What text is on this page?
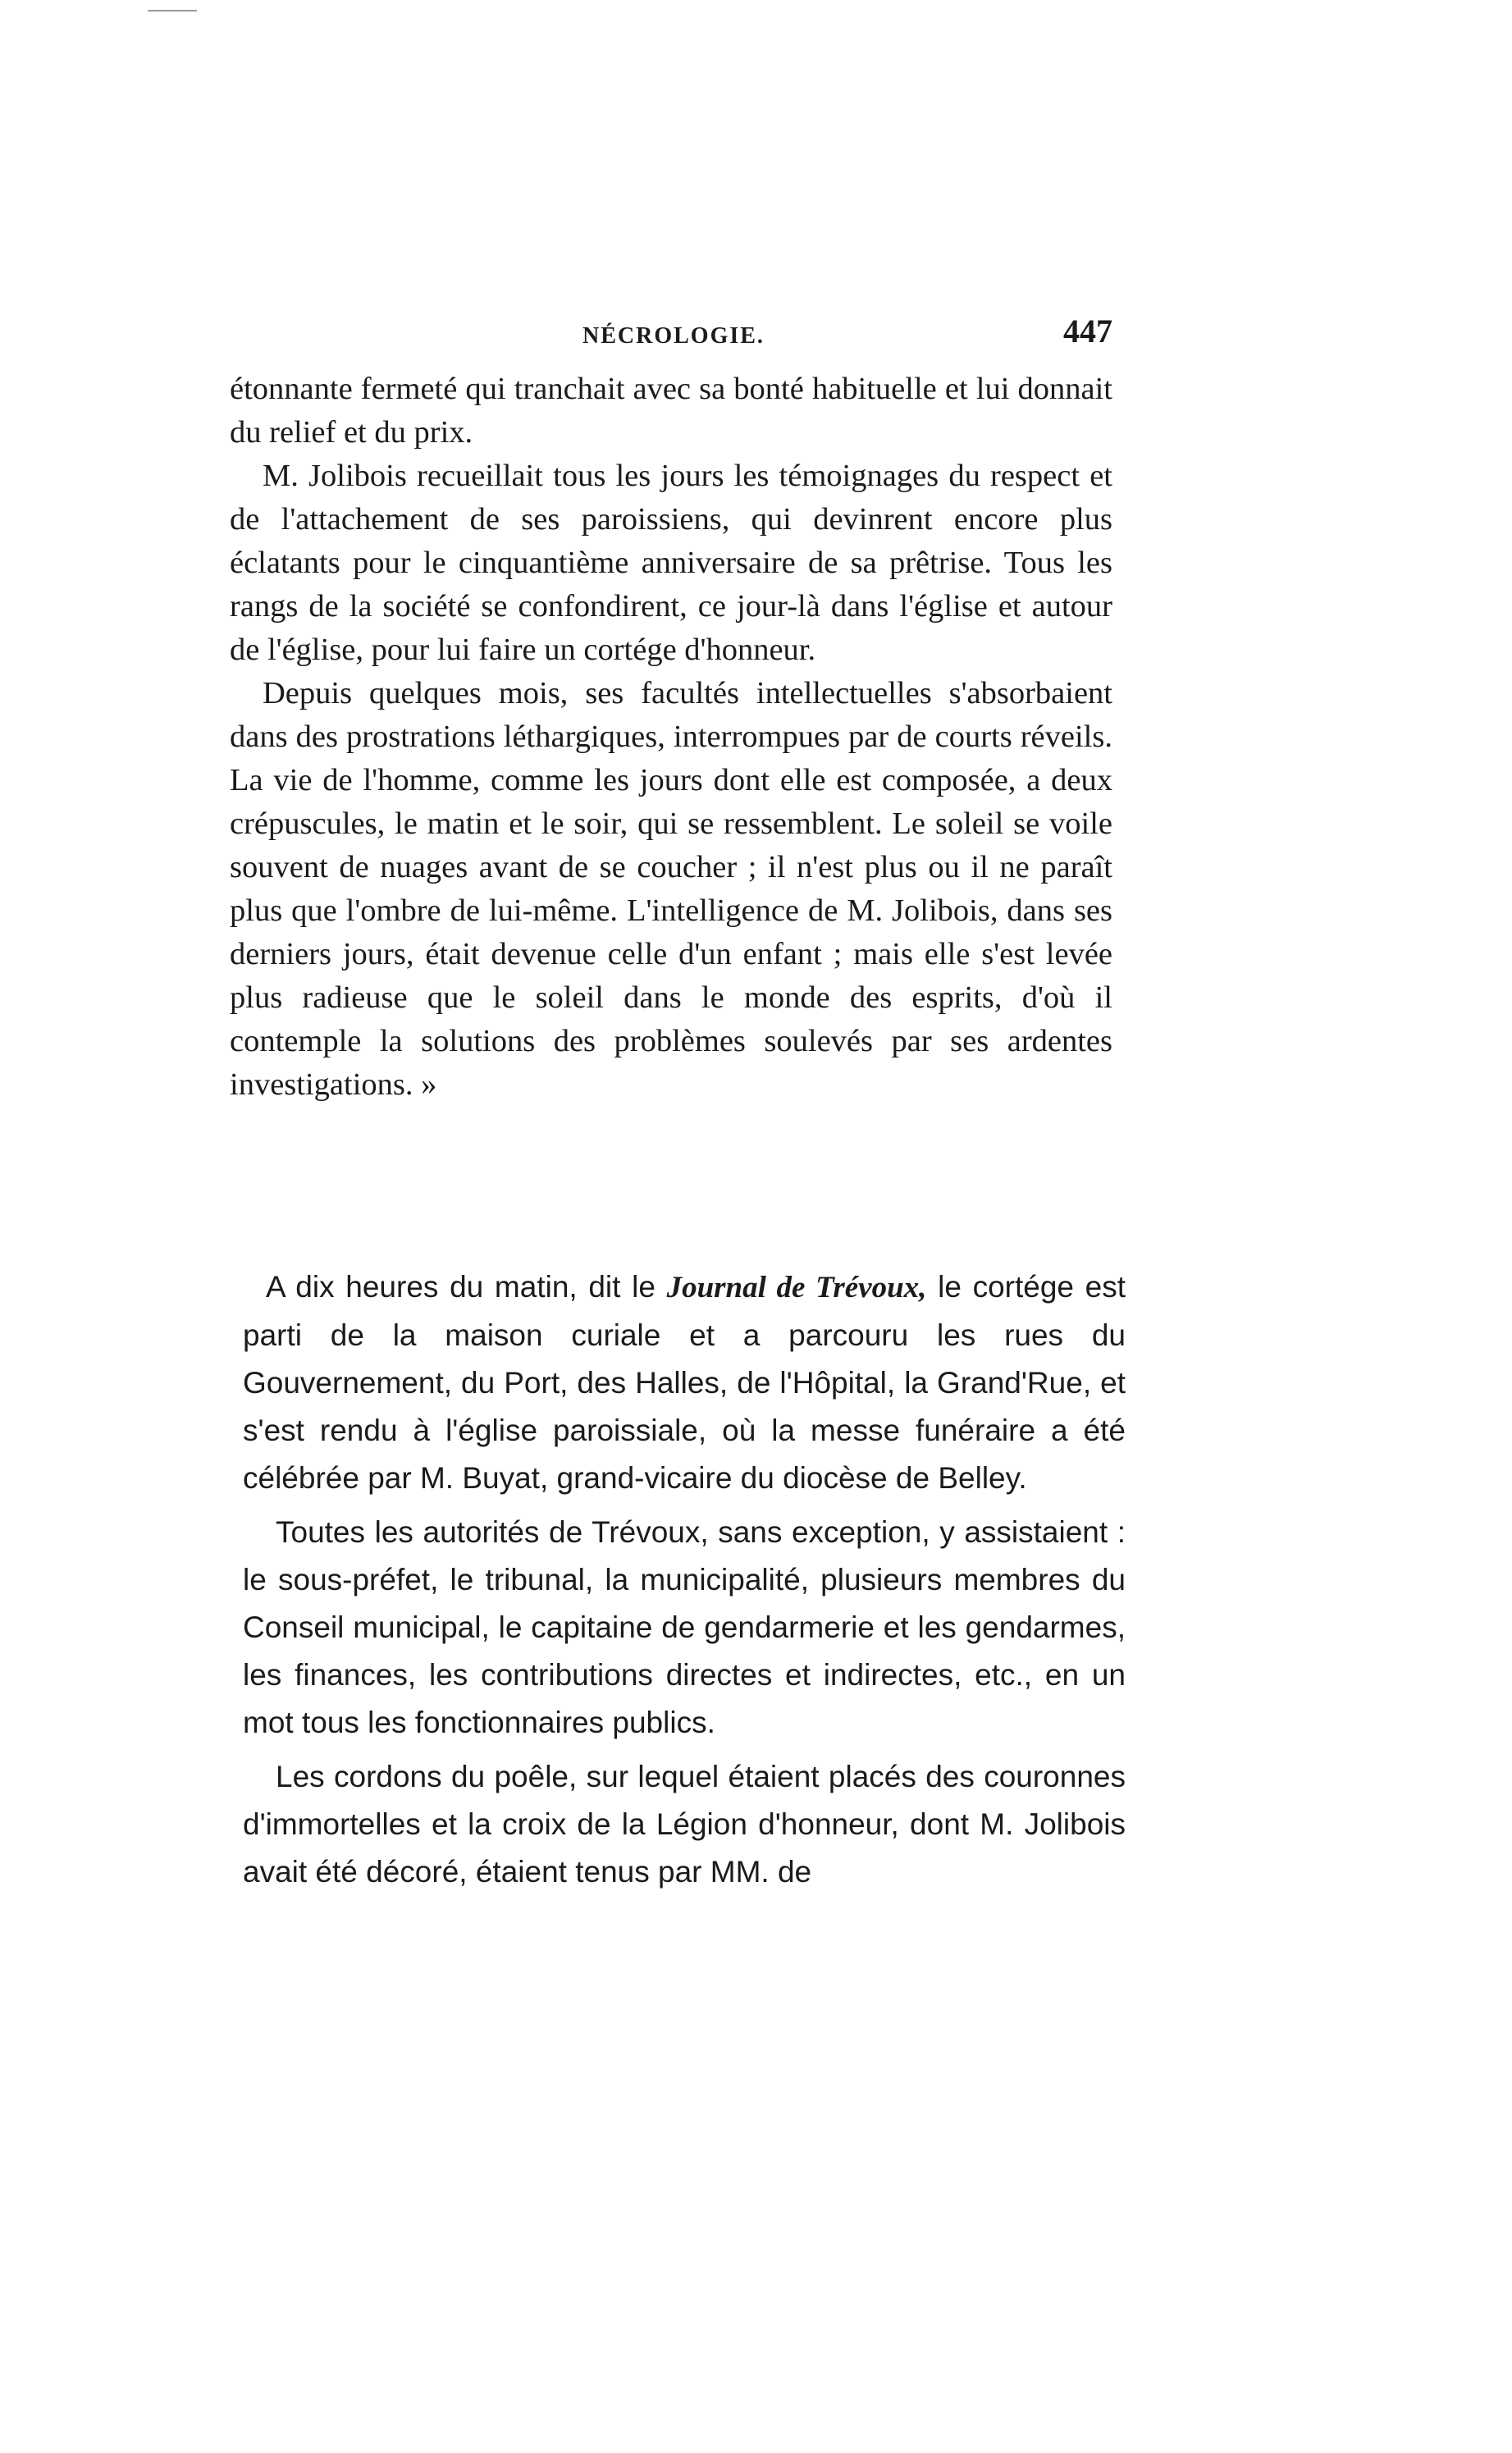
NÉCROLOGIE.	447

étonnante fermeté qui tranchait avec sa bonté habituelle et lui donnait du relief et du prix.

M. Jolibois recueillait tous les jours les témoignages du respect et de l'attachement de ses paroissiens, qui devinrent encore plus éclatants pour le cinquantième anniversaire de sa prêtrise. Tous les rangs de la société se confondirent, ce jour-là dans l'église et autour de l'église, pour lui faire un cortége d'honneur.

Depuis quelques mois, ses facultés intellectuelles s'absorbaient dans des prostrations léthargiques, interrompues par de courts réveils. La vie de l'homme, comme les jours dont elle est composée, a deux crépuscules, le matin et le soir, qui se ressemblent. Le soleil se voile souvent de nuages avant de se coucher ; il n'est plus ou il ne paraît plus que l'ombre de lui-même. L'intelligence de M. Jolibois, dans ses derniers jours, était devenue celle d'un enfant ; mais elle s'est levée plus radieuse que le soleil dans le monde des esprits, d'où il contemple la solutions des problèmes soulevés par ses ardentes investigations. »

A dix heures du matin, dit le Journal de Trévoux, le cortége est parti de la maison curiale et a parcouru les rues du Gouvernement, du Port, des Halles, de l'Hôpital, la Grand'Rue, et s'est rendu à l'église paroissiale, où la messe funéraire a été célébrée par M. Buyat, grand-vicaire du diocèse de Belley.

Toutes les autorités de Trévoux, sans exception, y assistaient : le sous-préfet, le tribunal, la municipalité, plusieurs membres du Conseil municipal, le capitaine de gendarmerie et les gendarmes, les finances, les contributions directes et indirectes, etc., en un mot tous les fonctionnaires publics.

Les cordons du poêle, sur lequel étaient placés des couronnes d'immortelles et la croix de la Légion d'honneur, dont M. Jolibois avait été décoré, étaient tenus par MM. de
